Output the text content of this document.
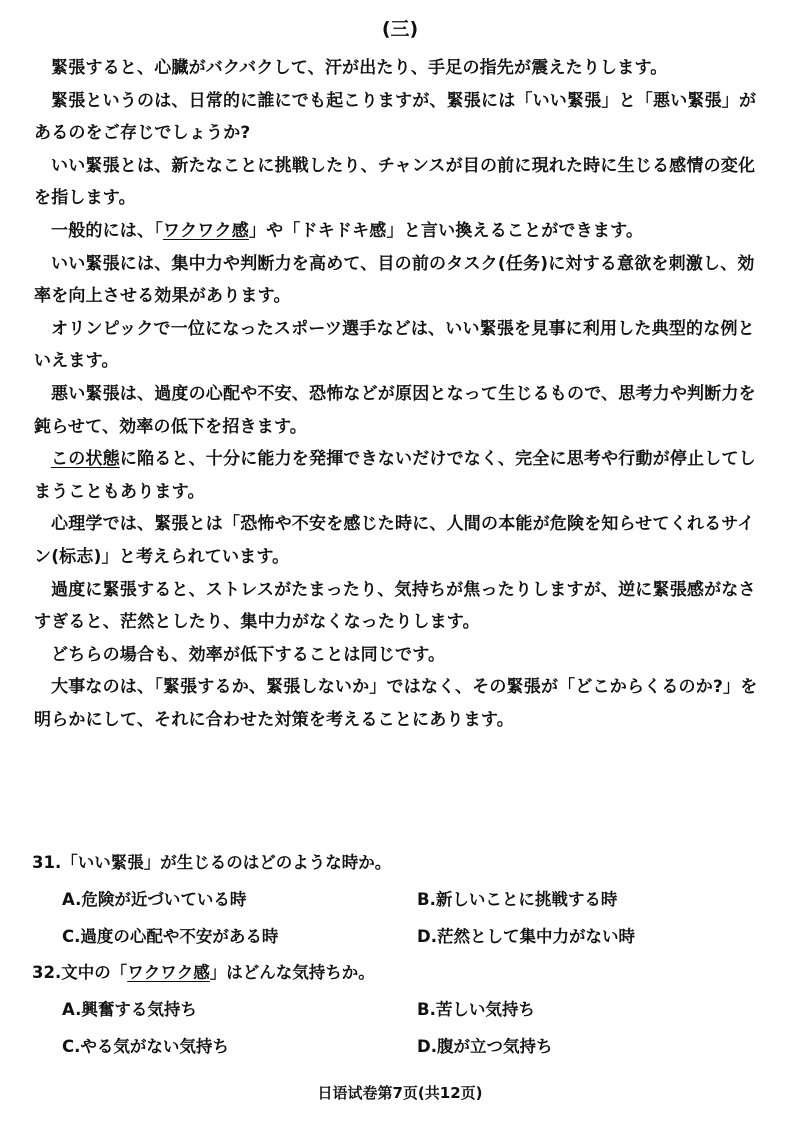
(三)

緊張すると、心臓がバクバクして、汗が出たり、手足の指先が震えたりします。

緊張というのは、日常的に誰にでも起こりますが、緊張には「いい緊張」と「悪い緊張」があるのをご存じでしょうか?

いい緊張とは、新たなことに挑戦したり、チャンスが目の前に現れた時に生じる感情の変化を指します。

一般的には、「ワクワク感」や「ドキドキ感」と言い換えることができます。

いい緊張には、集中力や判断力を高めて、目の前のタスク(任务)に対する意欲を刺激し、効率を向上させる効果があります。

オリンピックで一位になったスポーツ選手などは、いい緊張を見事に利用した典型的な例といえます。

悪い緊張は、過度の心配や不安、恐怖などが原因となって生じるもので、思考力や判断力を鈍らせて、効率の低下を招きます。

この状態に陥ると、十分に能力を発揮できないだけでなく、完全に思考や行動が停止してしまうこともあります。

心理学では、緊張とは「恐怖や不安を感じた時に、人間の本能が危険を知らせてくれるサイン(标志)」と考えられています。

過度に緊張すると、ストレスがたまったり、気持ちが焦ったりしますが、逆に緊張感がなさすぎると、茫然としたり、集中力がなくなったりします。

どちらの場合も、効率が低下することは同じです。

大事なのは、「緊張するか、緊張しないか」ではなく、その緊張が「どこからくるのか?」を明らかにして、それに合わせた対策を考えることにあります。

31.「いい緊張」が生じるのはどのような時か。
A.危険が近づいている時	B.新しいことに挑戦する時
C.過度の心配や不安がある時	D.茫然として集中力がない時
32.文中の「ワクワク感」はどんな気持ちか。
A.興奮する気持ち	B.苦しい気持ち
C.やる気がない気持ち	D.腹が立つ気持ち
日语试卷第7页(共12页)
